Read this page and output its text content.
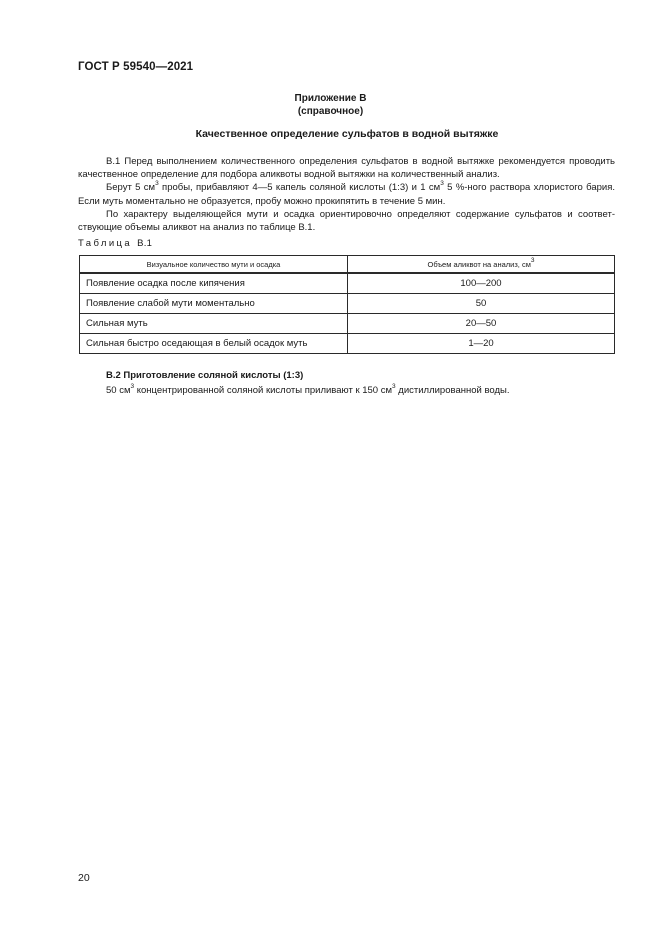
ГОСТ Р 59540—2021
Приложение В
(справочное)
Качественное определение сульфатов в водной вытяжке

В.1 Перед выполнением количественного определения сульфатов в водной вытяжке рекомендуется проводить качественное определение для подбора аликвоты водной вытяжки на количественный анализ.

Берут 5 $см^3$ пробы, прибавляют 4—5 капель соляной кислоты (1:3) и 1 $см^3$ 5 %-ного раствора хлористого бария. Если муть моментально не образуется, пробу можно прокипятить в течение 5 мин.

По характеру выделяющейся мути и осадка ориентировочно определяют содержание сульфатов и соответствующие объемы аликвот на анализ по таблице В.1.

Таблица В.1
Визуальное количество мути и осадка	Объем аликвот на анализ, $см^3$
Появление осадка после кипячения	100—200
Появление слабой мути моментально	50
Сильная муть	20—50
Сильная быстро оседающая в белый осадок муть	1—20
В.2 Приготовление соляной кислоты (1:3)
50 $см^3$ концентрированной соляной кислоты приливают к 150 $см^3$ дистиллированной воды.
20
